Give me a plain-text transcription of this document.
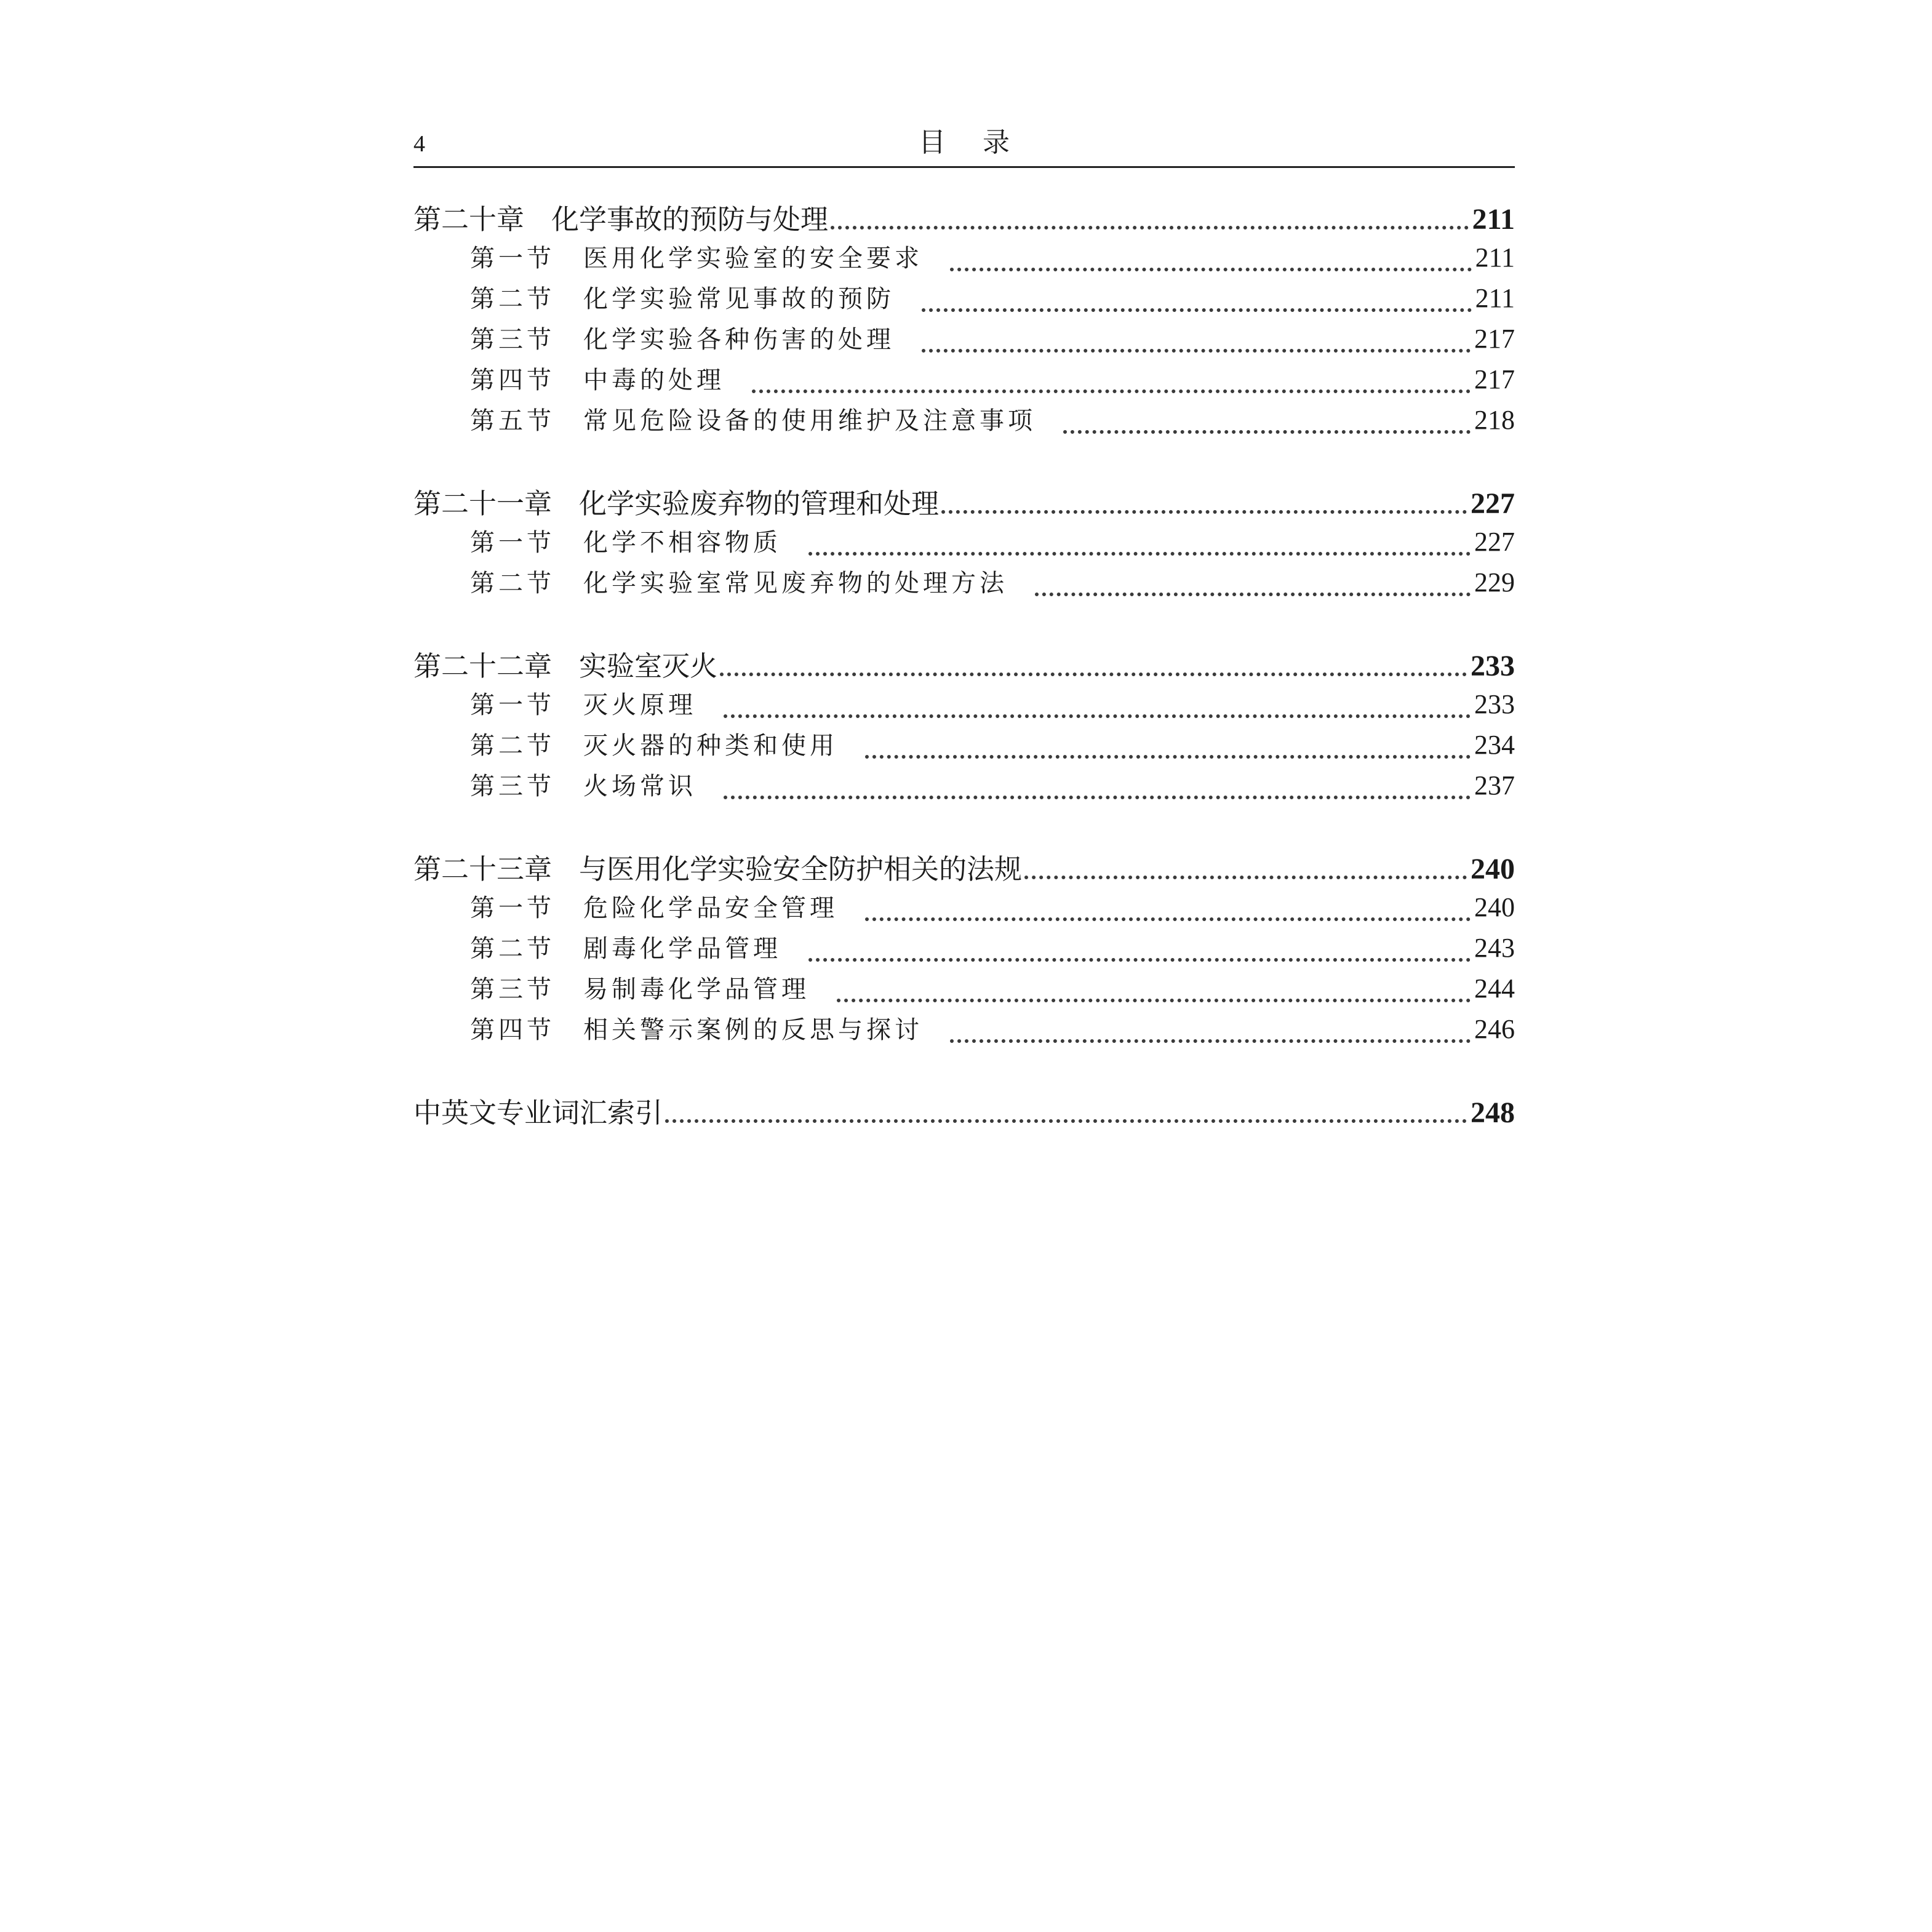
4	目录
第二十章 化学事故的预防与处理	211
第一节 医用化学实验室的安全要求	211
第二节 化学实验常见事故的预防	211
第三节 化学实验各种伤害的处理	217
第四节 中毒的处理	217
第五节 常见危险设备的使用维护及注意事项	218
第二十一章 化学实验废弃物的管理和处理	227
第一节 化学不相容物质	227
第二节 化学实验室常见废弃物的处理方法	229
第二十二章 实验室灭火	233
第一节 灭火原理	233
第二节 灭火器的种类和使用	234
第三节 火场常识	237
第二十三章 与医用化学实验安全防护相关的法规	240
第一节 危险化学品安全管理	240
第二节 剧毒化学品管理	243
第三节 易制毒化学品管理	244
第四节 相关警示案例的反思与探讨	246
中英文专业词汇索引	248
